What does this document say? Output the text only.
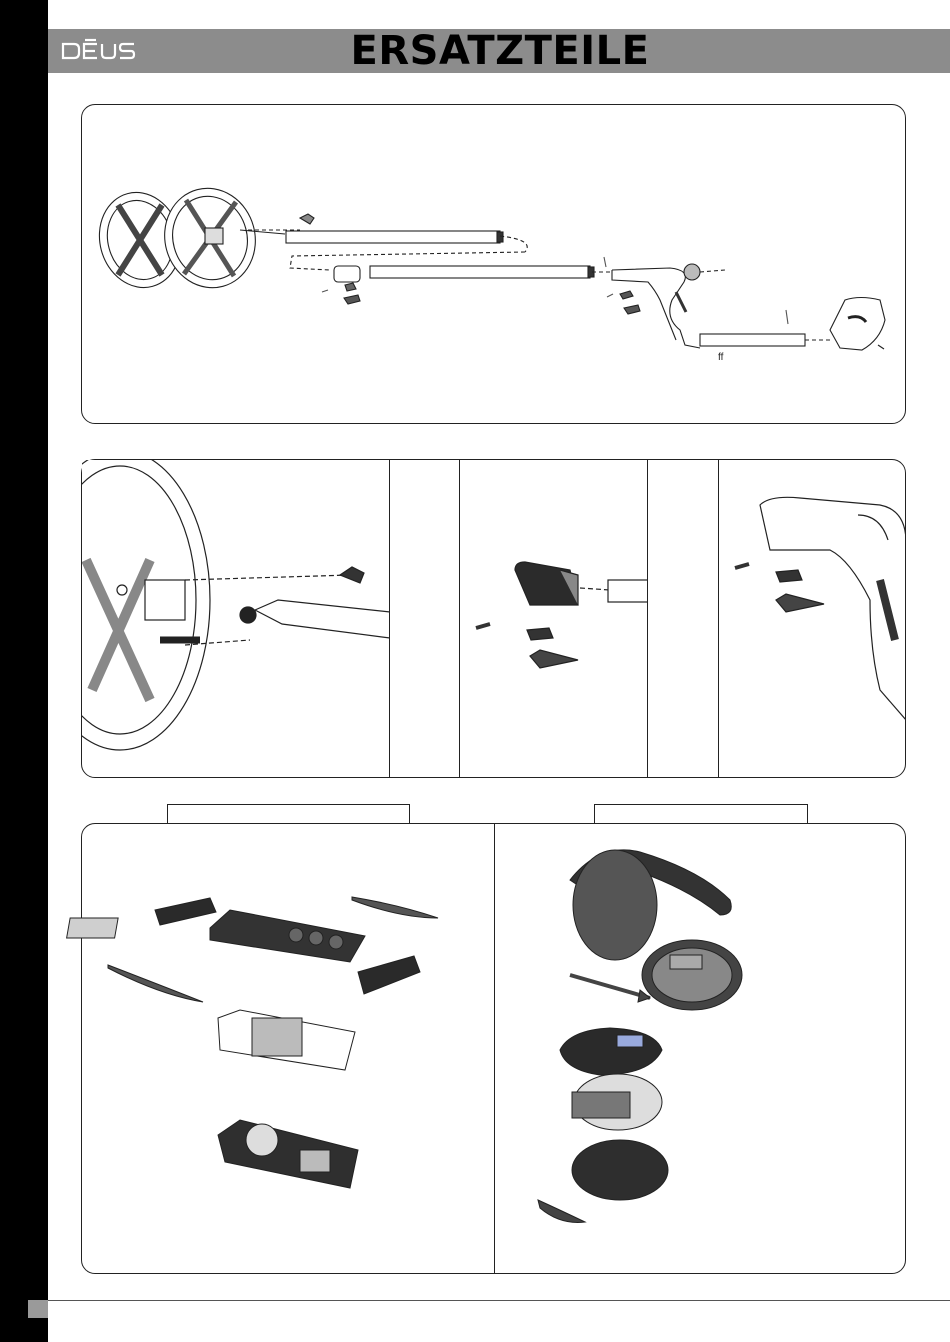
ERSATZTEILE
ff
